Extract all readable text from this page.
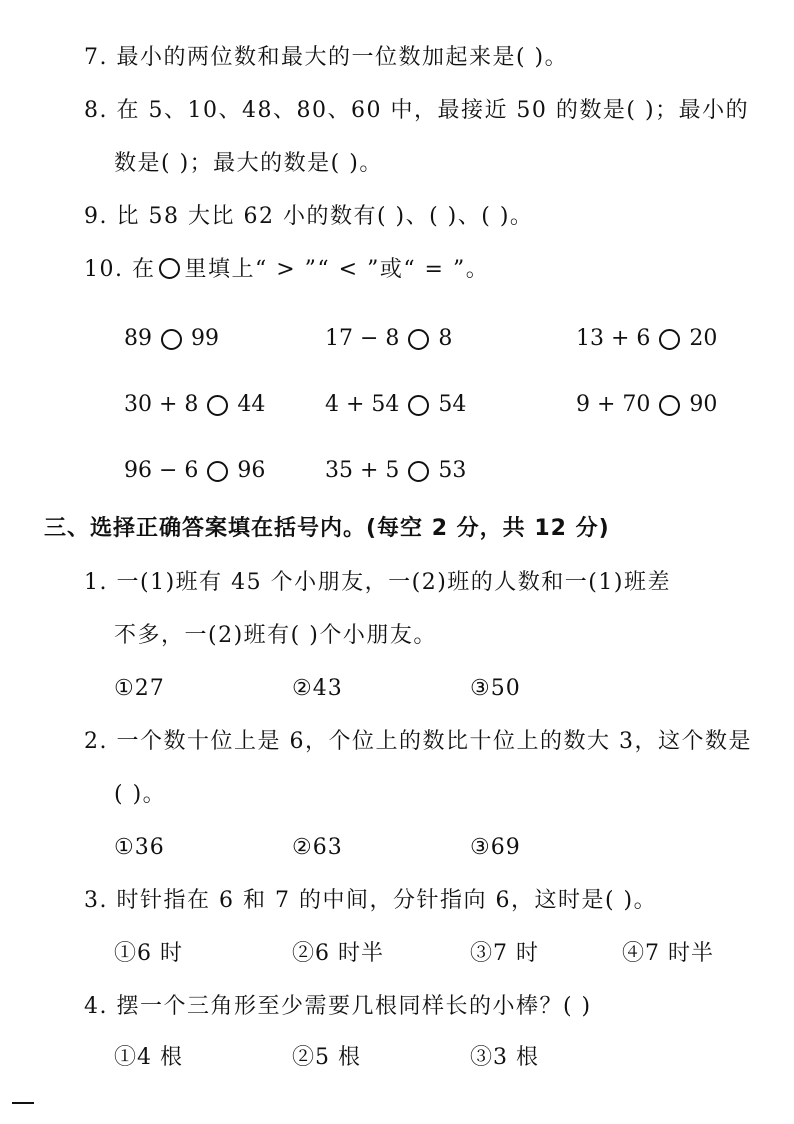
7. 最小的两位数和最大的一位数加起来是( )。
8. 在 5、10、48、80、60 中，最接近 50 的数是( )；最小的
数是( )；最大的数是( )。
9. 比 58 大比 62 小的数有( )、( )、( )。
10. 在 里填上“ > ”“ < ”或“ = ”。
89 99	17 − 8 8	13 + 6 20
30 + 8 44	4 + 54 54	9 + 70 90
96 − 6 96	35 + 5 53
三、选择正确答案填在括号内。(每空 2 分，共 12 分)
1. 一(1)班有 45 个小朋友，一(2)班的人数和一(1)班差
不多，一(2)班有( )个小朋友。
①27	②43	③50
2. 一个数十位上是 6，个位上的数比十位上的数大 3，这个数是
( )。
①36	②63	③69
3. 时针指在 6 和 7 的中间，分针指向 6，这时是( )。
①6 时	②6 时半	③7 时	④7 时半
4. 摆一个三角形至少需要几根同样长的小棒？( )
①4 根	②5 根	③3 根
